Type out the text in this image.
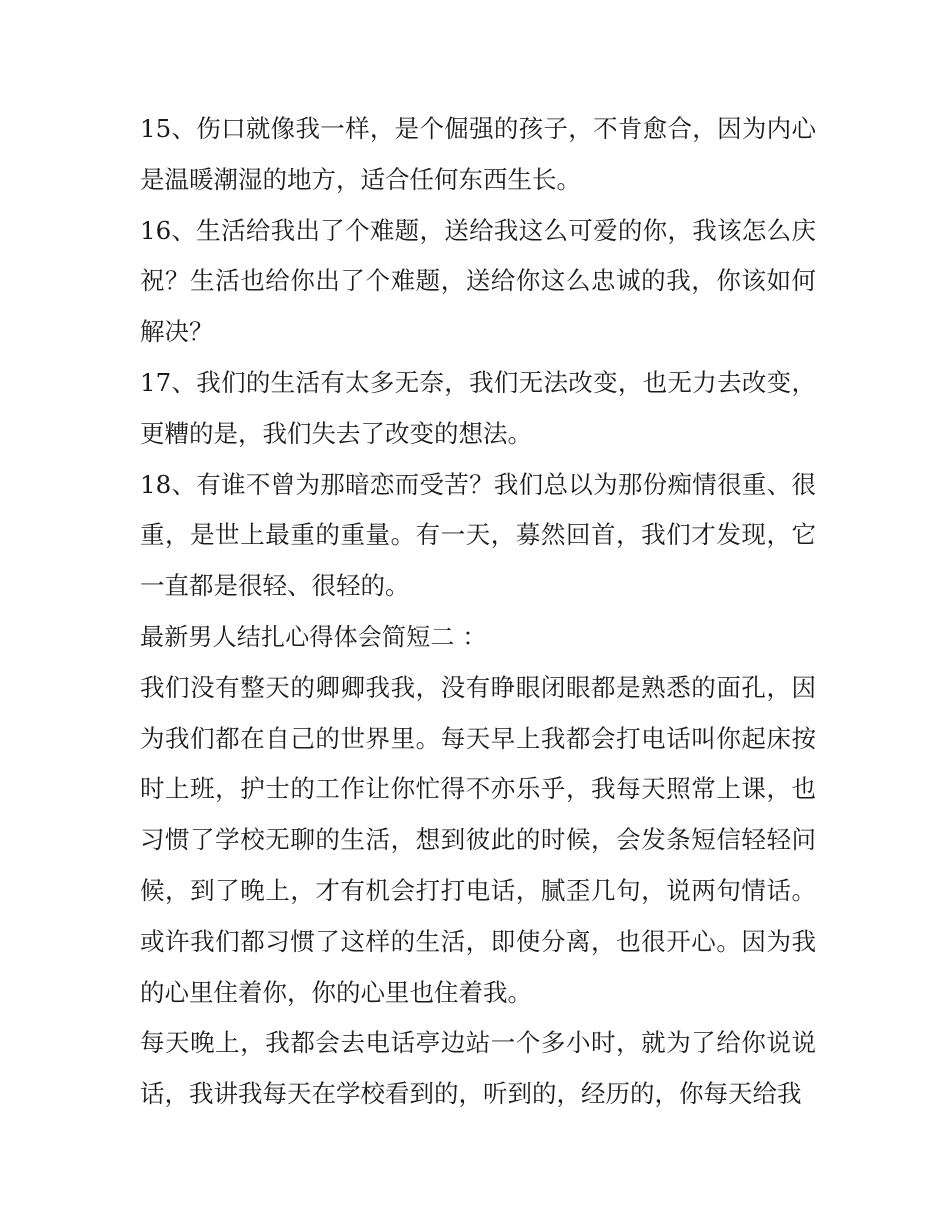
15、伤口就像我一样，是个倔强的孩子，不肯愈合，因为内心是温暖潮湿的地方，适合任何东西生长。

16、生活给我出了个难题，送给我这么可爱的你，我该怎么庆祝？生活也给你出了个难题，送给你这么忠诚的我，你该如何解决？

17、我们的生活有太多无奈，我们无法改变，也无力去改变，更糟的是，我们失去了改变的想法。

18、有谁不曾为那暗恋而受苦？我们总以为那份痴情很重、很重，是世上最重的重量。有一天，募然回首，我们才发现，它一直都是很轻、很轻的。

最新男人结扎心得体会简短二 ：

我们没有整天的卿卿我我，没有睁眼闭眼都是熟悉的面孔，因为我们都在自己的世界里。每天早上我都会打电话叫你起床按时上班，护士的工作让你忙得不亦乐乎，我每天照常上课，也习惯了学校无聊的生活，想到彼此的时候，会发条短信轻轻问候，到了晚上，才有机会打打电话，腻歪几句，说两句情话。或许我们都习惯了这样的生活，即使分离，也很开心。因为我的心里住着你，你的心里也住着我。

每天晚上，我都会去电话亭边站一个多小时，就为了给你说说话，我讲我每天在学校看到的，听到的，经历的，你每天给我
